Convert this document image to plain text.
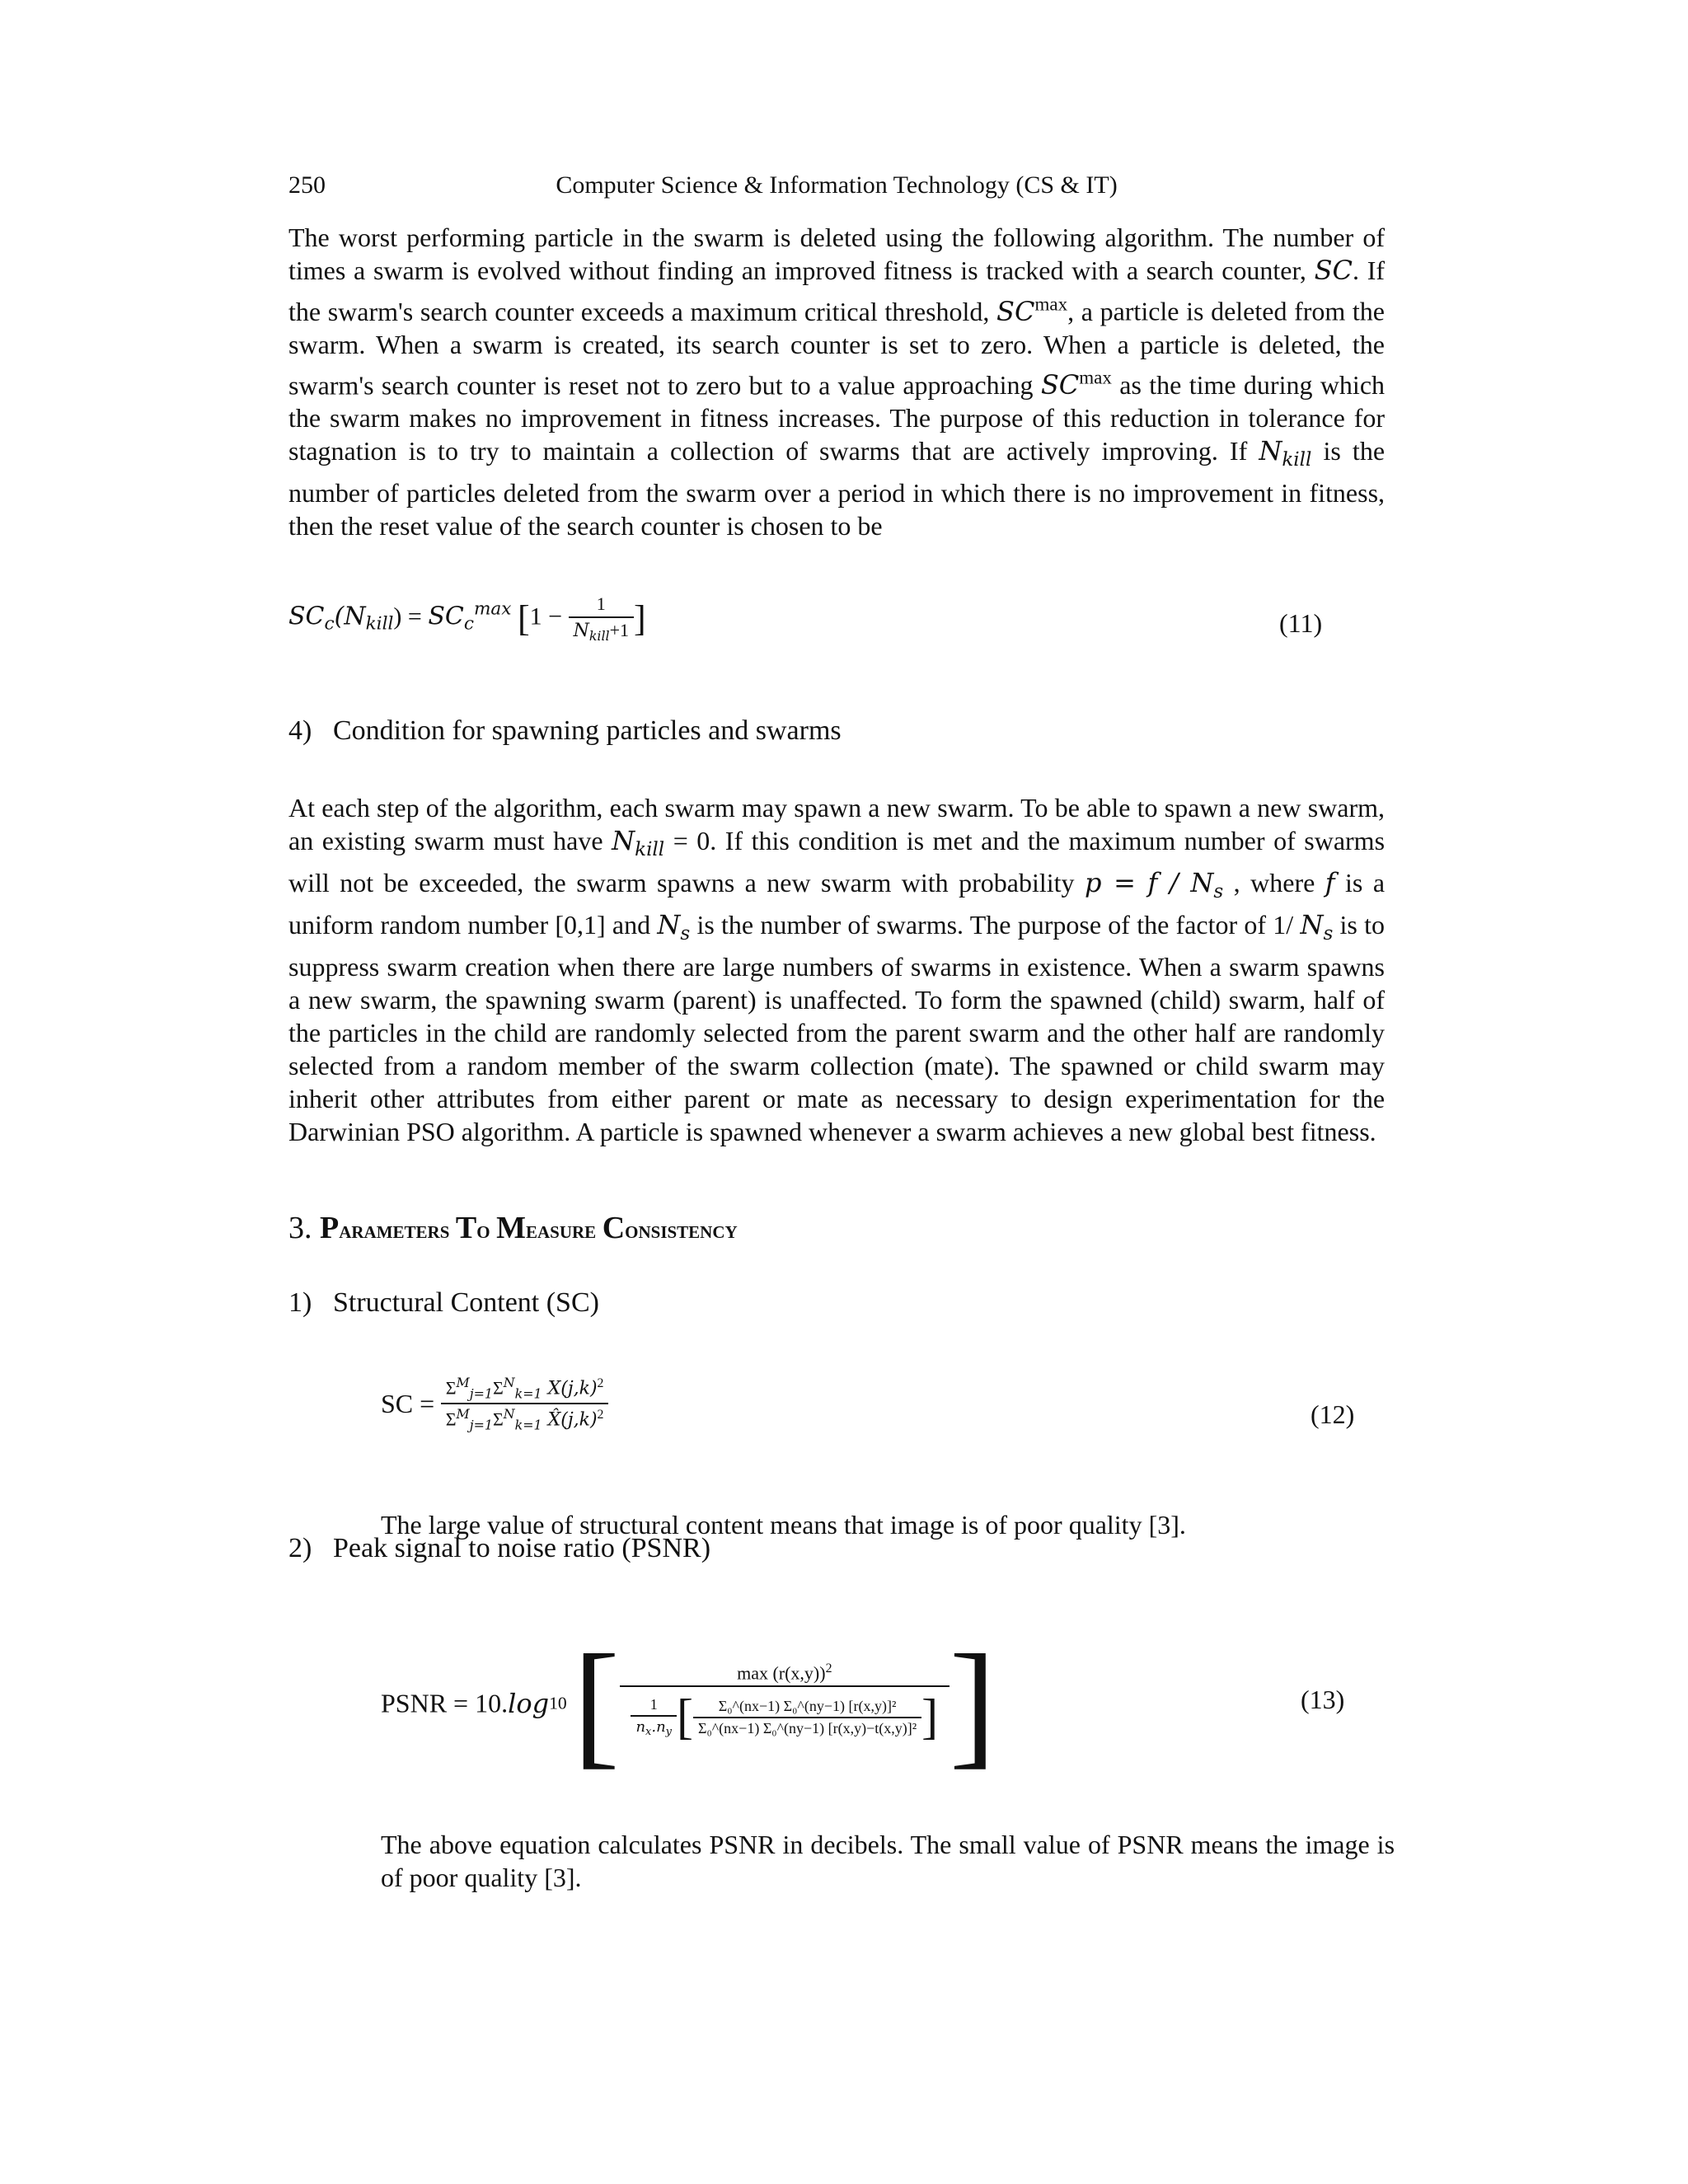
250	Computer Science & Information Technology (CS & IT)
The worst performing particle in the swarm is deleted using the following algorithm. The number of times a swarm is evolved without finding an improved fitness is tracked with a search counter, SC. If the swarm's search counter exceeds a maximum critical threshold, $SC^{max}$, a particle is deleted from the swarm. When a swarm is created, its search counter is set to zero. When a particle is deleted, the swarm's search counter is reset not to zero but to a value approaching $SC^{max}$ as the time during which the swarm makes no improvement in fitness increases. The purpose of this reduction in tolerance for stagnation is to try to maintain a collection of swarms that are actively improving. If $N_{kill}$ is the number of particles deleted from the swarm over a period in which there is no improvement in fitness, then the reset value of the search counter is chosen to be
$SC_c(N_{kill}) = SC_c^{max}$ [$1 - \frac{1}{N_{kill}+1}$ ]	(11)
4) Condition for spawning particles and swarms
At each step of the algorithm, each swarm may spawn a new swarm. To be able to spawn a new swarm, an existing swarm must have $N_{kill} = 0$. If this condition is met and the maximum number of swarms will not be exceeded, the swarm spawns a new swarm with probability $p = f / N_s$ , where f is a uniform random number [0,1] and $N_s$ is the number of swarms. The purpose of the factor of 1/ $N_s$ is to suppress swarm creation when there are large numbers of swarms in existence. When a swarm spawns a new swarm, the spawning swarm (parent) is unaffected. To form the spawned (child) swarm, half of the particles in the child are randomly selected from the parent swarm and the other half are randomly selected from a random member of the swarm collection (mate). The spawned or child swarm may inherit other attributes from either parent or mate as necessary to design experimentation for the Darwinian PSO algorithm. A particle is spawned whenever a swarm achieves a new global best fitness.
3. Parameters To Measure Consistency
1) Structural Content (SC)
SC = $\frac{\Sigma^M_{j=1}\Sigma^N_{k=1} X(j,k)^2}{\Sigma^M_{j=1}\Sigma^N_{k=1} X̂(j,k)^2}$	(12)
The large value of structural content means that image is of poor quality [3].
2) Peak signal to noise ratio (PSNR)
PSNR = 10.log10 [	$\max (r(x,y))^2$
$\frac{1}{n_x.n_y}$ [ $\frac{\text{Σ₀\textasciicircum{}(nx−1) Σ₀\textasciicircum{}(ny−1) [r(x,y)]²}}{\text{Σ₀\textasciicircum{}(nx−1) Σ₀\textasciicircum{}(ny−1) [r(x,y)−t(x,y)]²}}$ ] ]	(13)
The above equation calculates PSNR in decibels. The small value of PSNR means the image is of poor quality [3].
